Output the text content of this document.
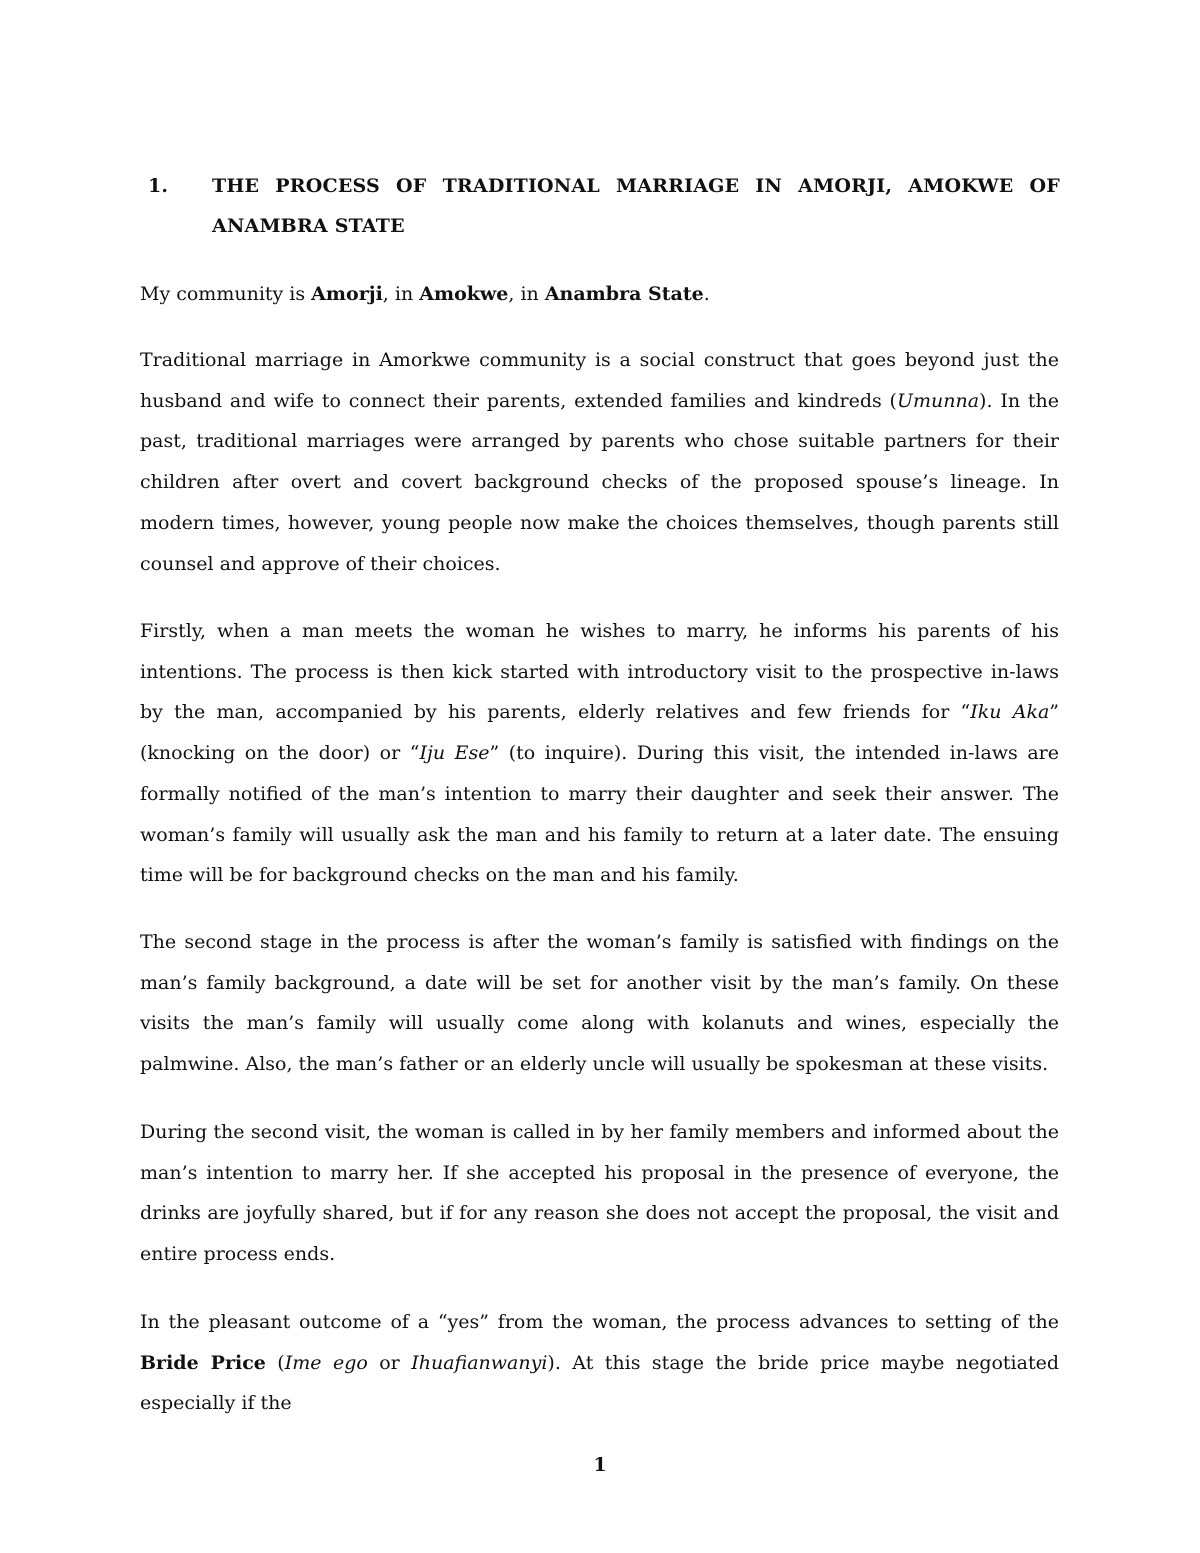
1. THE PROCESS OF TRADITIONAL MARRIAGE IN AMORJI, AMOKWE OF ANAMBRA STATE

My community is Amorji, in Amokwe, in Anambra State.

Traditional marriage in Amorkwe community is a social construct that goes beyond just the husband and wife to connect their parents, extended families and kindreds (Umunna). In the past, traditional marriages were arranged by parents who chose suitable partners for their children after overt and covert background checks of the proposed spouse’s lineage. In modern times, however, young people now make the choices themselves, though parents still counsel and approve of their choices.

Firstly, when a man meets the woman he wishes to marry, he informs his parents of his intentions. The process is then kick started with introductory visit to the prospective in-laws by the man, accompanied by his parents, elderly relatives and few friends for “Iku Aka” (knocking on the door) or “Iju Ese” (to inquire). During this visit, the intended in-laws are formally notified of the man’s intention to marry their daughter and seek their answer. The woman’s family will usually ask the man and his family to return at a later date. The ensuing time will be for background checks on the man and his family.

The second stage in the process is after the woman’s family is satisfied with findings on the man’s family background, a date will be set for another visit by the man’s family. On these visits the man’s family will usually come along with kolanuts and wines, especially the palmwine. Also, the man’s father or an elderly uncle will usually be spokesman at these visits.

During the second visit, the woman is called in by her family members and informed about the man’s intention to marry her. If she accepted his proposal in the presence of everyone, the drinks are joyfully shared, but if for any reason she does not accept the proposal, the visit and entire process ends.

In the pleasant outcome of a “yes” from the woman, the process advances to setting of the Bride Price (Ime ego or Ihuafianwanyi). At this stage the bride price maybe negotiated especially if the

1
